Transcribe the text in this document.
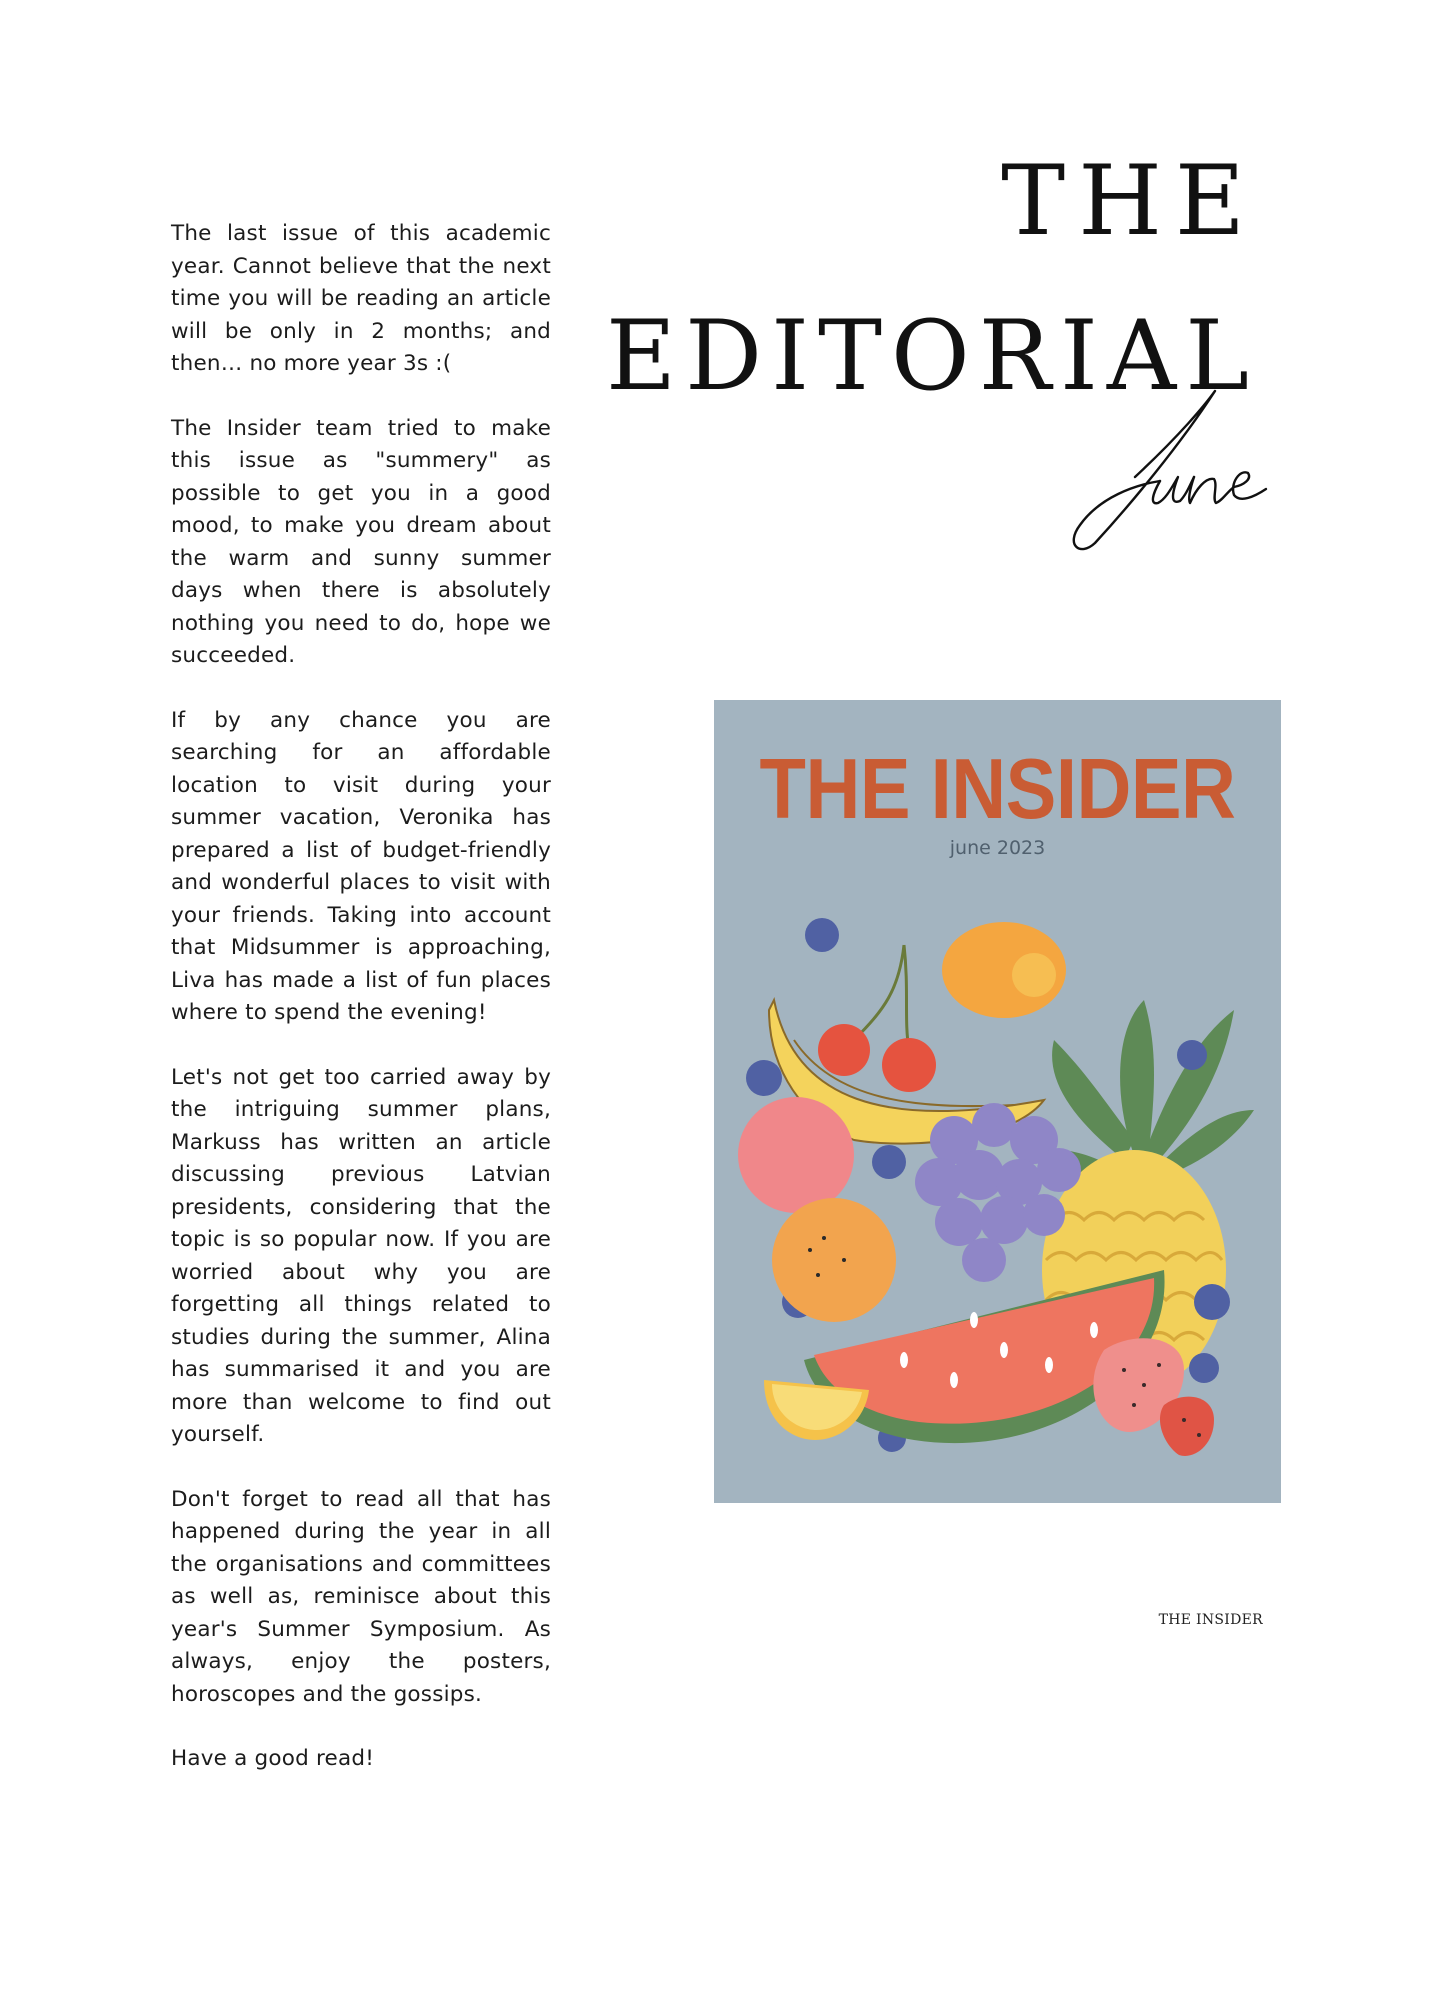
The last issue of this academic year. Cannot believe that the next time you will be reading an article will be only in 2 months; and then… no more year 3s :(

The Insider team tried to make this issue as "summery" as possible to get you in a good mood, to make you dream about the warm and sunny summer days when there is absolutely nothing you need to do, hope we succeeded.

If by any chance you are searching for an affordable location to visit during your summer vacation, Veronika has prepared a list of budget-friendly and wonderful places to visit with your friends. Taking into account that Midsummer is approaching, Liva has made a list of fun places where to spend the evening!

Let's not get too carried away by the intriguing summer plans, Markuss has written an article discussing previous Latvian presidents, considering that the topic is so popular now. If you are worried about why you are forgetting all things related to studies during the summer, Alina has summarised it and you are more than welcome to find out yourself.

Don't forget to read all that has happened during the year in all the organisations and committees as well as, reminisce about this year's Summer Symposium. As always, enjoy the posters, horoscopes and the gossips.

Have a good read!

THE
EDITORIAL
THE INSIDER
june 2023
THE INSIDER
